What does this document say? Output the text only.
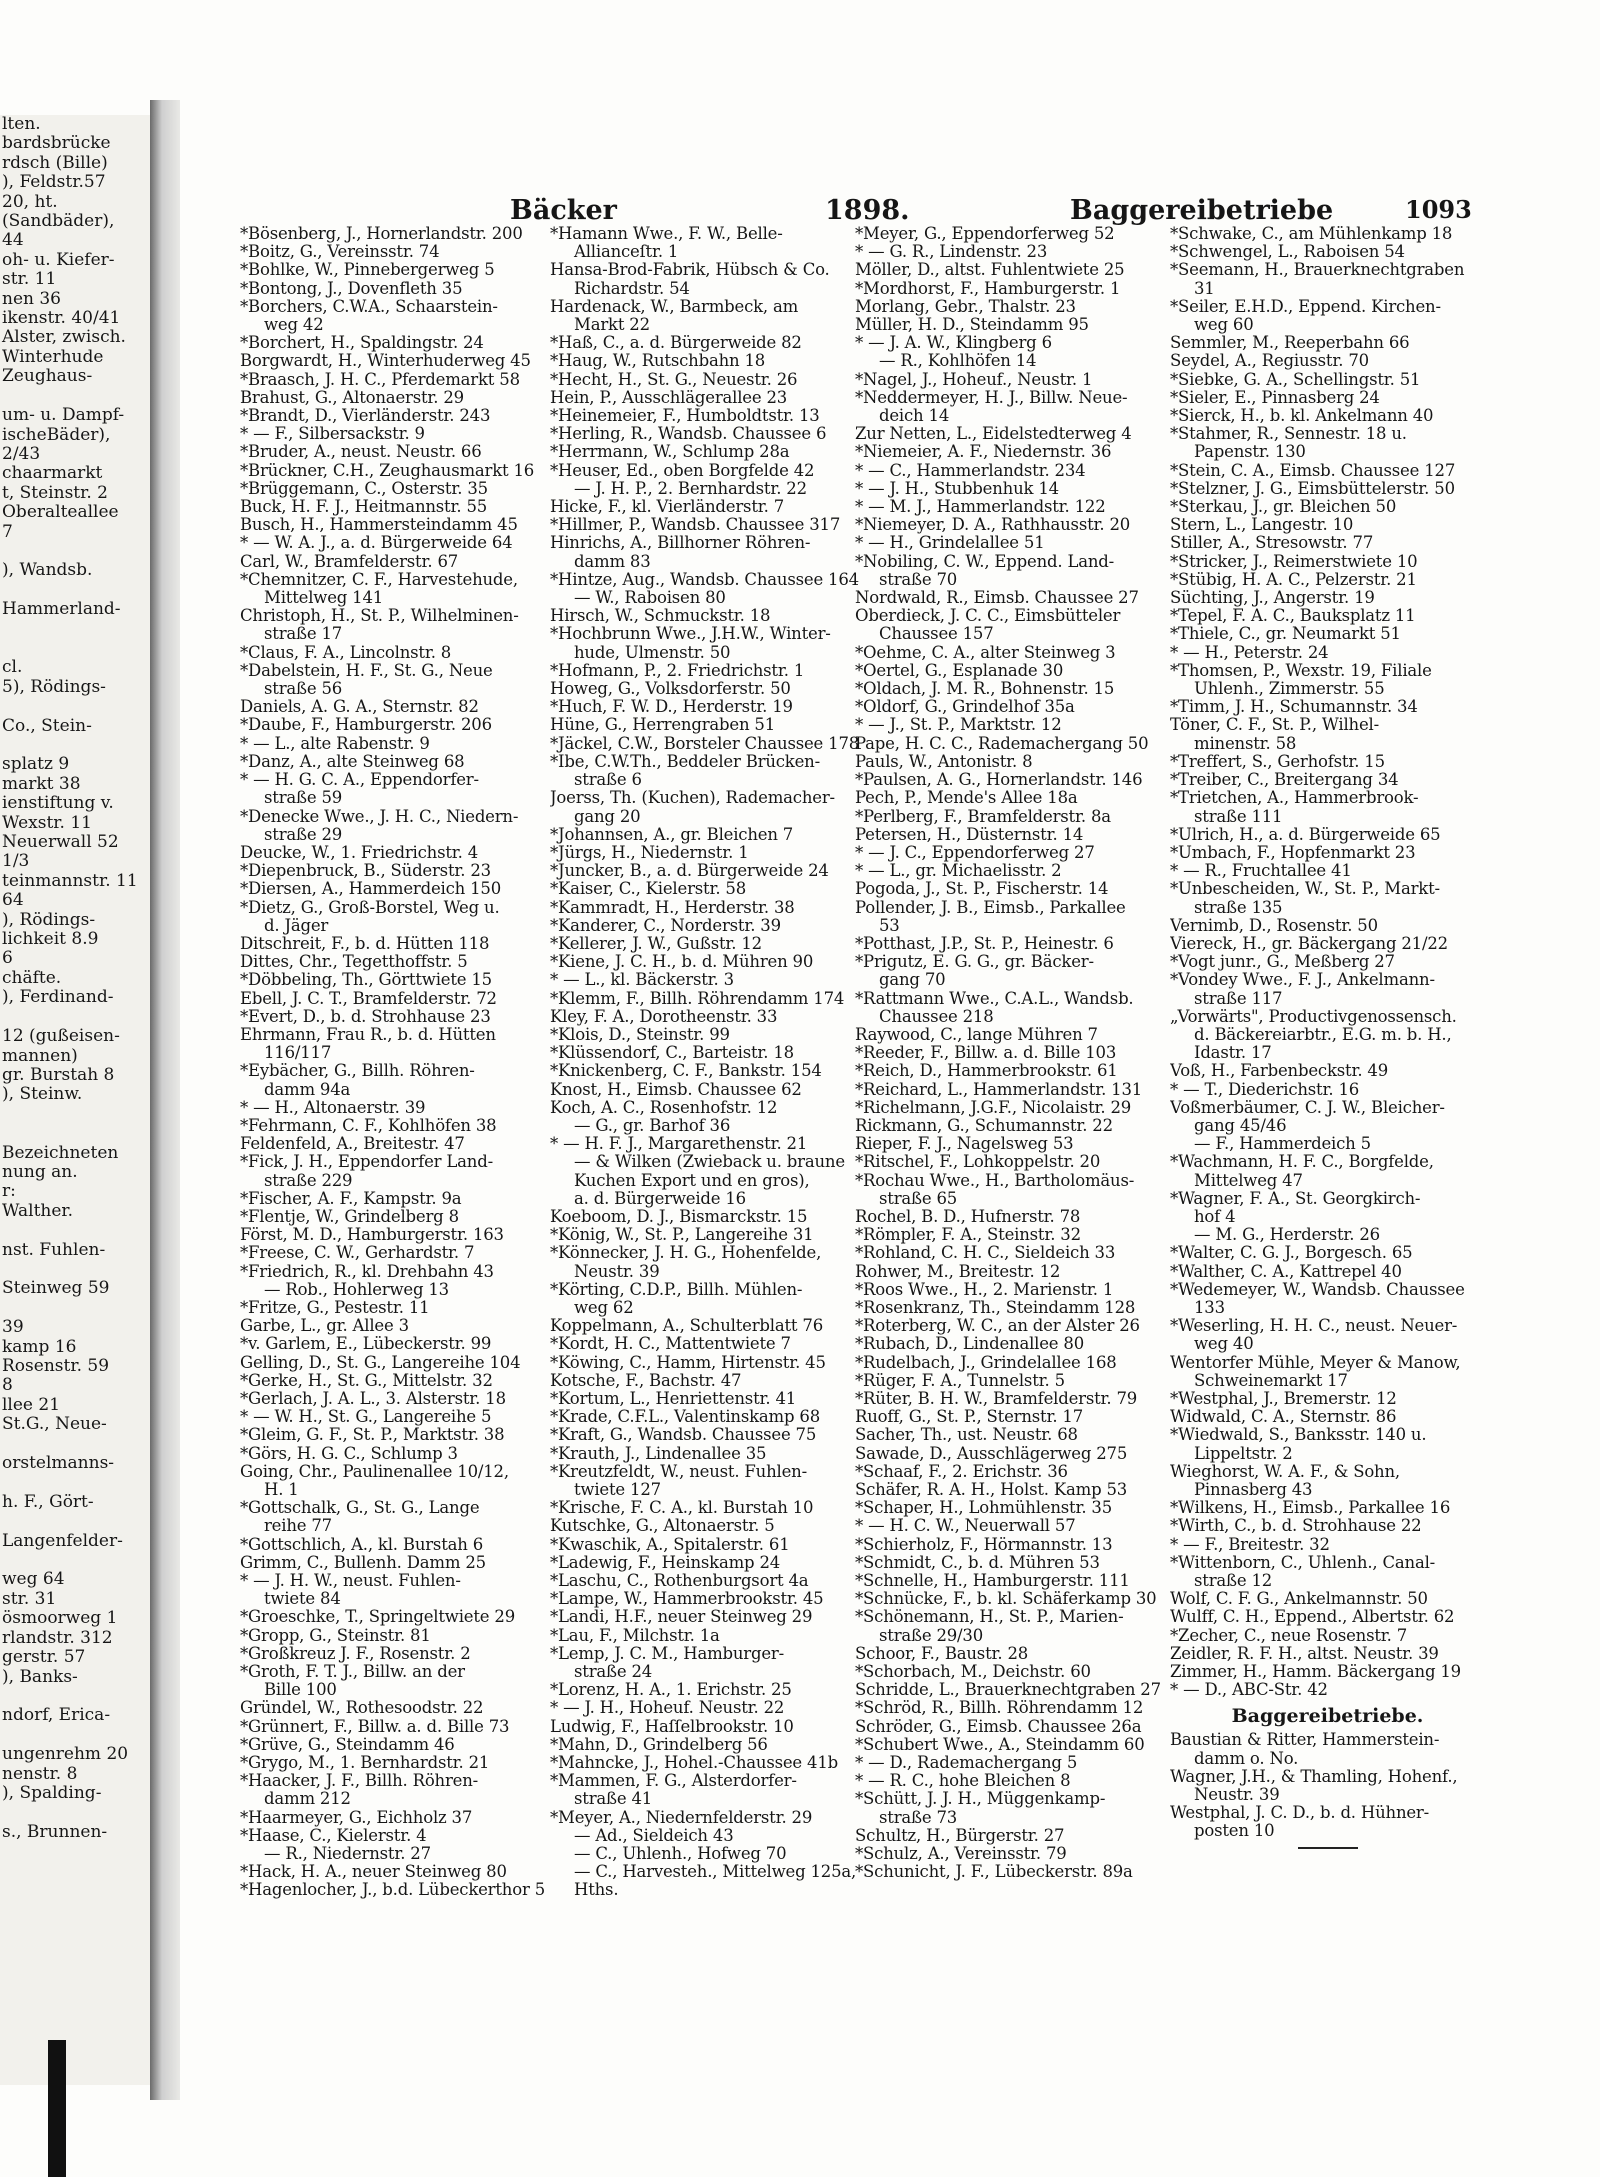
lten.
bardsbrücke
rdsch (Bille)
), Feldstr.57
20, ht.
(Sandbäder),
44
oh- u. Kiefer-
str. 11
nen 36
ikenstr. 40/41
Alster, zwisch.
Winterhude
Zeughaus-

um- u. Dampf-
ischeBäder),
2/43
chaarmarkt
t, Steinstr. 2
Oberalteallee
7

), Wandsb.

Hammerland-

cl.
5), Rödings-

Co., Stein-

splatz 9
markt 38
ienstiftung v.
Wexstr. 11
Neuerwall 52
1/3
teinmannstr. 11
64
), Rödings-
lichkeit 8.9
6
chäfte.
), Ferdinand-

12 (gußeisen-
mannen)
gr. Burstah 8
), Steinw.

Bezeichneten
nung an.
r:
Walther.

nst. Fuhlen-

Steinweg 59

39
kamp 16
Rosenstr. 59
8
llee 21
St.G., Neue-

orstelmanns-

h. F., Gört-

Langenfelder-

weg 64
str. 31
ösmoorweg 1
rlandstr. 312
gerstr. 57
), Banks-

ndorf, Erica-

ungenrehm 20
nenstr. 8
), Spalding-

s., Brunnen-
Bäcker	1898.	Baggereibetriebe	1093
*Bösenberg, J., Hornerlandstr. 200
*Boitz, G., Vereinsstr. 74
*Bohlke, W., Pinnebergerweg 5
*Bontong, J., Dovenfleth 35
*Borchers, C.W.A., Schaarstein-
weg 42
*Borchert, H., Spaldingstr. 24
Borgwardt, H., Winterhuderweg 45
*Braasch, J. H. C., Pferdemarkt 58
Brahust, G., Altonaerstr. 29
*Brandt, D., Vierländerstr. 243
* — F., Silbersackstr. 9
*Bruder, A., neust. Neustr. 66
*Brückner, C.H., Zeughausmarkt 16
*Brüggemann, C., Osterstr. 35
Buck, H. F. J., Heitmannstr. 55
Busch, H., Hammersteindamm 45
* — W. A. J., a. d. Bürgerweide 64
Carl, W., Bramfelderstr. 67
*Chemnitzer, C. F., Harvestehude,
Mittelweg 141
Christoph, H., St. P., Wilhelminen-
straße 17
*Claus, F. A., Lincolnstr. 8
*Dabelstein, H. F., St. G., Neue
straße 56
Daniels, A. G. A., Sternstr. 82
*Daube, F., Hamburgerstr. 206
* — L., alte Rabenstr. 9
*Danz, A., alte Steinweg 68
* — H. G. C. A., Eppendorfer-
straße 59
*Denecke Wwe., J. H. C., Niedern-
straße 29
Deucke, W., 1. Friedrichstr. 4
*Diepenbruck, B., Süderstr. 23
*Diersen, A., Hammerdeich 150
*Dietz, G., Groß-Borstel, Weg u.
d. Jäger
Ditschreit, F., b. d. Hütten 118
Dittes, Chr., Tegetthoffstr. 5
*Döbbeling, Th., Görttwiete 15
Ebell, J. C. T., Bramfelderstr. 72
*Evert, D., b. d. Strohhause 23
Ehrmann, Frau R., b. d. Hütten
116/117
*Eybächer, G., Billh. Röhren-
damm 94a
* — H., Altonaerstr. 39
*Fehrmann, C. F., Kohlhöfen 38
Feldenfeld, A., Breitestr. 47
*Fick, J. H., Eppendorfer Land-
straße 229
*Fischer, A. F., Kampstr. 9a
*Flentje, W., Grindelberg 8
Först, M. D., Hamburgerstr. 163
*Freese, C. W., Gerhardstr. 7
*Friedrich, R., kl. Drehbahn 43
— Rob., Hohlerweg 13
*Fritze, G., Pestestr. 11
Garbe, L., gr. Allee 3
*v. Garlem, E., Lübeckerstr. 99
Gelling, D., St. G., Langereihe 104
*Gerke, H., St. G., Mittelstr. 32
*Gerlach, J. A. L., 3. Alsterstr. 18
* — W. H., St. G., Langereihe 5
*Gleim, G. F., St. P., Marktstr. 38
*Görs, H. G. C., Schlump 3
Going, Chr., Paulinenallee 10/12,
H. 1
*Gottschalk, G., St. G., Lange
reihe 77
*Gottschlich, A., kl. Burstah 6
Grimm, C., Bullenh. Damm 25
* — J. H. W., neust. Fuhlen-
twiete 84
*Groeschke, T., Springeltwiete 29
*Gropp, G., Steinstr. 81
*Großkreuz J. F., Rosenstr. 2
*Groth, F. T. J., Billw. an der
Bille 100
Gründel, W., Rothesoodstr. 22
*Grünnert, F., Billw. a. d. Bille 73
*Grüve, G., Steindamm 46
*Grygo, M., 1. Bernhardstr. 21
*Haacker, J. F., Billh. Röhren-
damm 212
*Haarmeyer, G., Eichholz 37
*Haase, C., Kielerstr. 4
— R., Niedernstr. 27
*Hack, H. A., neuer Steinweg 80
*Hagenlocher, J., b.d. Lübeckerthor 5
*Hamann Wwe., F. W., Belle-
Allianceſtr. 1
Hansa-Brod-Fabrik, Hübsch & Co.
Richardstr. 54
Hardenack, W., Barmbeck, am
Markt 22
*Haß, C., a. d. Bürgerweide 82
*Haug, W., Rutschbahn 18
*Hecht, H., St. G., Neuestr. 26
Hein, P., Ausschlägerallee 23
*Heinemeier, F., Humboldtstr. 13
*Herling, R., Wandsb. Chaussee 6
*Herrmann, W., Schlump 28a
*Heuser, Ed., oben Borgfelde 42
— J. H. P., 2. Bernhardstr. 22
Hicke, F., kl. Vierländerstr. 7
*Hillmer, P., Wandsb. Chaussee 317
Hinrichs, A., Billhorner Röhren-
damm 83
*Hintze, Aug., Wandsb. Chaussee 164
— W., Raboisen 80
Hirsch, W., Schmuckstr. 18
*Hochbrunn Wwe., J.H.W., Winter-
hude, Ulmenstr. 50
*Hofmann, P., 2. Friedrichstr. 1
Howeg, G., Volksdorferstr. 50
*Huch, F. W. D., Herderstr. 19
Hüne, G., Herrengraben 51
*Jäckel, C.W., Borsteler Chaussee 178
*Ibe, C.W.Th., Beddeler Brücken-
straße 6
Joerss, Th. (Kuchen), Rademacher-
gang 20
*Johannsen, A., gr. Bleichen 7
*Jürgs, H., Niedernstr. 1
*Juncker, B., a. d. Bürgerweide 24
*Kaiser, C., Kielerstr. 58
*Kammradt, H., Herderstr. 38
*Kanderer, C., Norderstr. 39
*Kellerer, J. W., Gußstr. 12
*Kiene, J. C. H., b. d. Mühren 90
* — L., kl. Bäckerstr. 3
*Klemm, F., Billh. Röhrendamm 174
Kley, F. A., Dorotheenstr. 33
*Klois, D., Steinstr. 99
*Klüssendorf, C., Barteistr. 18
*Knickenberg, C. F., Bankstr. 154
Knost, H., Eimsb. Chaussee 62
Koch, A. C., Rosenhofstr. 12
— G., gr. Barhof 36
* — H. F. J., Margarethenstr. 21
— & Wilken (Zwieback u. braune
Kuchen Export und en gros),
a. d. Bürgerweide 16
Koeboom, D. J., Bismarckstr. 15
*König, W., St. P., Langereihe 31
*Könnecker, J. H. G., Hohenfelde,
Neustr. 39
*Körting, C.D.P., Billh. Mühlen-
weg 62
Koppelmann, A., Schulterblatt 76
*Kordt, H. C., Mattentwiete 7
*Köwing, C., Hamm, Hirtenstr. 45
Kotsche, F., Bachstr. 47
*Kortum, L., Henriettenstr. 41
*Krade, C.F.L., Valentinskamp 68
*Kraft, G., Wandsb. Chaussee 75
*Krauth, J., Lindenallee 35
*Kreutzfeldt, W., neust. Fuhlen-
twiete 127
*Krische, F. C. A., kl. Burstah 10
Kutschke, G., Altonaerstr. 5
*Kwaschik, A., Spitalerstr. 61
*Ladewig, F., Heinskamp 24
*Laschu, C., Rothenburgsort 4a
*Lampe, W., Hammerbrookstr. 45
*Landi, H.F., neuer Steinweg 29
*Lau, F., Milchstr. 1a
*Lemp, J. C. M., Hamburger-
straße 24
*Lorenz, H. A., 1. Erichstr. 25
* — J. H., Hoheuf. Neustr. 22
Ludwig, F., Haſſelbrookstr. 10
*Mahn, D., Grindelberg 56
*Mahncke, J., Hohel.-Chaussee 41b
*Mammen, F. G., Alsterdorfer-
straße 41
*Meyer, A., Niedernfelderstr. 29
— Ad., Sieldeich 43
— C., Uhlenh., Hofweg 70
— C., Harvesteh., Mittelweg 125a,
Hths.
*Meyer, G., Eppendorferweg 52
* — G. R., Lindenstr. 23
Möller, D., altst. Fuhlentwiete 25
*Mordhorst, F., Hamburgerstr. 1
Morlang, Gebr., Thalstr. 23
Müller, H. D., Steindamm 95
* — J. A. W., Klingberg 6
— R., Kohlhöfen 14
*Nagel, J., Hoheuf., Neustr. 1
*Neddermeyer, H. J., Billw. Neue-
deich 14
Zur Netten, L., Eidelstedterweg 4
*Niemeier, A. F., Niedernstr. 36
* — C., Hammerlandstr. 234
* — J. H., Stubbenhuk 14
* — M. J., Hammerlandstr. 122
*Niemeyer, D. A., Rathhausstr. 20
* — H., Grindelallee 51
*Nobiling, C. W., Eppend. Land-
straße 70
Nordwald, R., Eimsb. Chaussee 27
Oberdieck, J. C. C., Eimsbütteler
Chaussee 157
*Oehme, C. A., alter Steinweg 3
*Oertel, G., Esplanade 30
*Oldach, J. M. R., Bohnenstr. 15
*Oldorf, G., Grindelhof 35a
* — J., St. P., Marktstr. 12
Pape, H. C. C., Rademachergang 50
Pauls, W., Antonistr. 8
*Paulsen, A. G., Hornerlandstr. 146
Pech, P., Mende's Allee 18a
*Perlberg, F., Bramfelderstr. 8a
Petersen, H., Düsternstr. 14
* — J. C., Eppendorferweg 27
* — L., gr. Michaelisstr. 2
Pogoda, J., St. P., Fischerstr. 14
Pollender, J. B., Eimsb., Parkallee
53
*Potthast, J.P., St. P., Heinestr. 6
*Prigutz, E. G. G., gr. Bäcker-
gang 70
*Rattmann Wwe., C.A.L., Wandsb.
Chaussee 218
Raywood, C., lange Mühren 7
*Reeder, F., Billw. a. d. Bille 103
*Reich, D., Hammerbrookstr. 61
*Reichard, L., Hammerlandstr. 131
*Richelmann, J.G.F., Nicolaistr. 29
Rickmann, G., Schumannstr. 22
Rieper, F. J., Nagelsweg 53
*Ritschel, F., Lohkoppelstr. 20
*Rochau Wwe., H., Bartholomäus-
straße 65
Rochel, B. D., Hufnerstr. 78
*Römpler, F. A., Steinstr. 32
*Rohland, C. H. C., Sieldeich 33
Rohwer, M., Breitestr. 12
*Roos Wwe., H., 2. Marienstr. 1
*Rosenkranz, Th., Steindamm 128
*Roterberg, W. C., an der Alster 26
*Rubach, D., Lindenallee 80
*Rudelbach, J., Grindelallee 168
*Rüger, F. A., Tunnelstr. 5
*Rüter, B. H. W., Bramfelderstr. 79
Ruoff, G., St. P., Sternstr. 17
Sacher, Th., ust. Neustr. 68
Sawade, D., Ausschlägerweg 275
*Schaaf, F., 2. Erichstr. 36
Schäfer, R. A. H., Holst. Kamp 53
*Schaper, H., Lohmühlenstr. 35
* — H. C. W., Neuerwall 57
*Schierholz, F., Hörmannstr. 13
*Schmidt, C., b. d. Mühren 53
*Schnelle, H., Hamburgerstr. 111
*Schnücke, F., b. kl. Schäferkamp 30
*Schönemann, H., St. P., Marien-
straße 29/30
Schoor, F., Baustr. 28
*Schorbach, M., Deichstr. 60
Schridde, L., Brauerknechtgraben 27
*Schröd, R., Billh. Röhrendamm 12
Schröder, G., Eimsb. Chaussee 26a
*Schubert Wwe., A., Steindamm 60
* — D., Rademachergang 5
* — R. C., hohe Bleichen 8
*Schütt, J. J. H., Müggenkamp-
straße 73
Schultz, H., Bürgerstr. 27
*Schulz, A., Vereinsstr. 79
*Schunicht, J. F., Lübeckerstr. 89a
*Schwake, C., am Mühlenkamp 18
*Schwengel, L., Raboisen 54
*Seemann, H., Brauerknechtgraben
31
*Seiler, E.H.D., Eppend. Kirchen-
weg 60
Semmler, M., Reeperbahn 66
Seydel, A., Regiusstr. 70
*Siebke, G. A., Schellingstr. 51
*Sieler, E., Pinnasberg 24
*Sierck, H., b. kl. Ankelmann 40
*Stahmer, R., Sennestr. 18 u.
Papenstr. 130
*Stein, C. A., Eimsb. Chaussee 127
*Stelzner, J. G., Eimsbüttelerstr. 50
*Sterkau, J., gr. Bleichen 50
Stern, L., Langestr. 10
Stiller, A., Stresowstr. 77
*Stricker, J., Reimerstwiete 10
*Stübig, H. A. C., Pelzerstr. 21
Süchting, J., Angerstr. 19
*Tepel, F. A. C., Bauksplatz 11
*Thiele, C., gr. Neumarkt 51
* — H., Peterstr. 24
*Thomsen, P., Wexstr. 19, Filiale
Uhlenh., Zimmerstr. 55
*Timm, J. H., Schumannstr. 34
Töner, C. F., St. P., Wilhel-
minenstr. 58
*Treffert, S., Gerhofstr. 15
*Treiber, C., Breitergang 34
*Trietchen, A., Hammerbrook-
straße 111
*Ulrich, H., a. d. Bürgerweide 65
*Umbach, F., Hopfenmarkt 23
* — R., Fruchtallee 41
*Unbescheiden, W., St. P., Markt-
straße 135
Vernimb, D., Rosenstr. 50
Viereck, H., gr. Bäckergang 21/22
*Vogt junr., G., Meßberg 27
*Vondey Wwe., F. J., Ankelmann-
straße 117
„Vorwärts", Productivgenossensch.
d. Bäckereiarbtr., E.G. m. b. H.,
Idastr. 17
Voß, H., Farbenbeckstr. 49
* — T., Diederichstr. 16
Voßmerbäumer, C. J. W., Bleicher-
gang 45/46
— F., Hammerdeich 5
*Wachmann, H. F. C., Borgfelde,
Mittelweg 47
*Wagner, F. A., St. Georgkirch-
hof 4
— M. G., Herderstr. 26
*Walter, C. G. J., Borgesch. 65
*Walther, C. A., Kattrepel 40
*Wedemeyer, W., Wandsb. Chaussee
133
*Weserling, H. H. C., neust. Neuer-
weg 40
Wentorfer Mühle, Meyer & Manow,
Schweinemarkt 17
*Westphal, J., Bremerstr. 12
Widwald, C. A., Sternstr. 86
*Wiedwald, S., Banksstr. 140 u.
Lippeltstr. 2
Wieghorst, W. A. F., & Sohn,
Pinnasberg 43
*Wilkens, H., Eimsb., Parkallee 16
*Wirth, C., b. d. Strohhause 22
* — F., Breitestr. 32
*Wittenborn, C., Uhlenh., Canal-
straße 12
Wolf, C. F. G., Ankelmannstr. 50
Wulff, C. H., Eppend., Albertstr. 62
*Zecher, C., neue Rosenstr. 7
Zeidler, R. F. H., altst. Neustr. 39
Zimmer, H., Hamm. Bäckergang 19
* — D., ABC-Str. 42
Baggereibetriebe.
Baustian & Ritter, Hammerstein-
damm o. No.
Wagner, J.H., & Thamling, Hohenf.,
Neustr. 39
Westphal, J. C. D., b. d. Hühner-
posten 10
